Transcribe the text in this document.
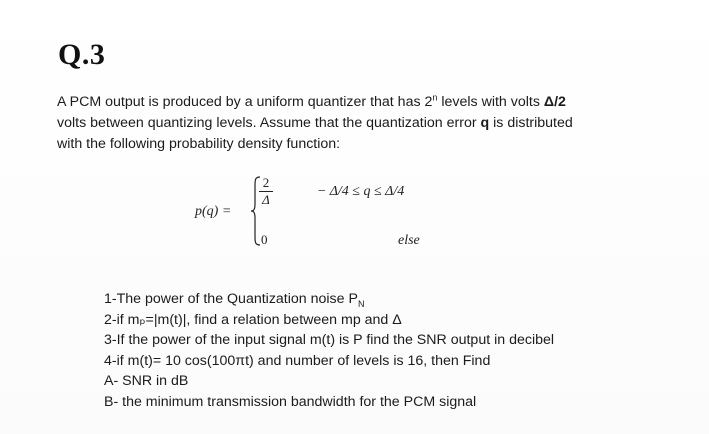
Q.3
A PCM output is produced by a uniform quantizer that has 2$^n$ levels with volts Δ/2
volts between quantizing levels. Assume that the quantization error q is distributed
with the following probability density function:
p(q) =
$\frac{2}{\Delta}$
0
− Δ/4 ≤ q ≤ Δ/4
else
1-The power of the Quantization noise $P_N$
2-if mₚ=|m(t)|, find a relation between mp and Δ
3-If the power of the input signal m(t) is P find the SNR output in decibel
4-if m(t)= 10 cos(100πt) and number of levels is 16, then Find
A- SNR in dB
B- the minimum transmission bandwidth for the PCM signal
